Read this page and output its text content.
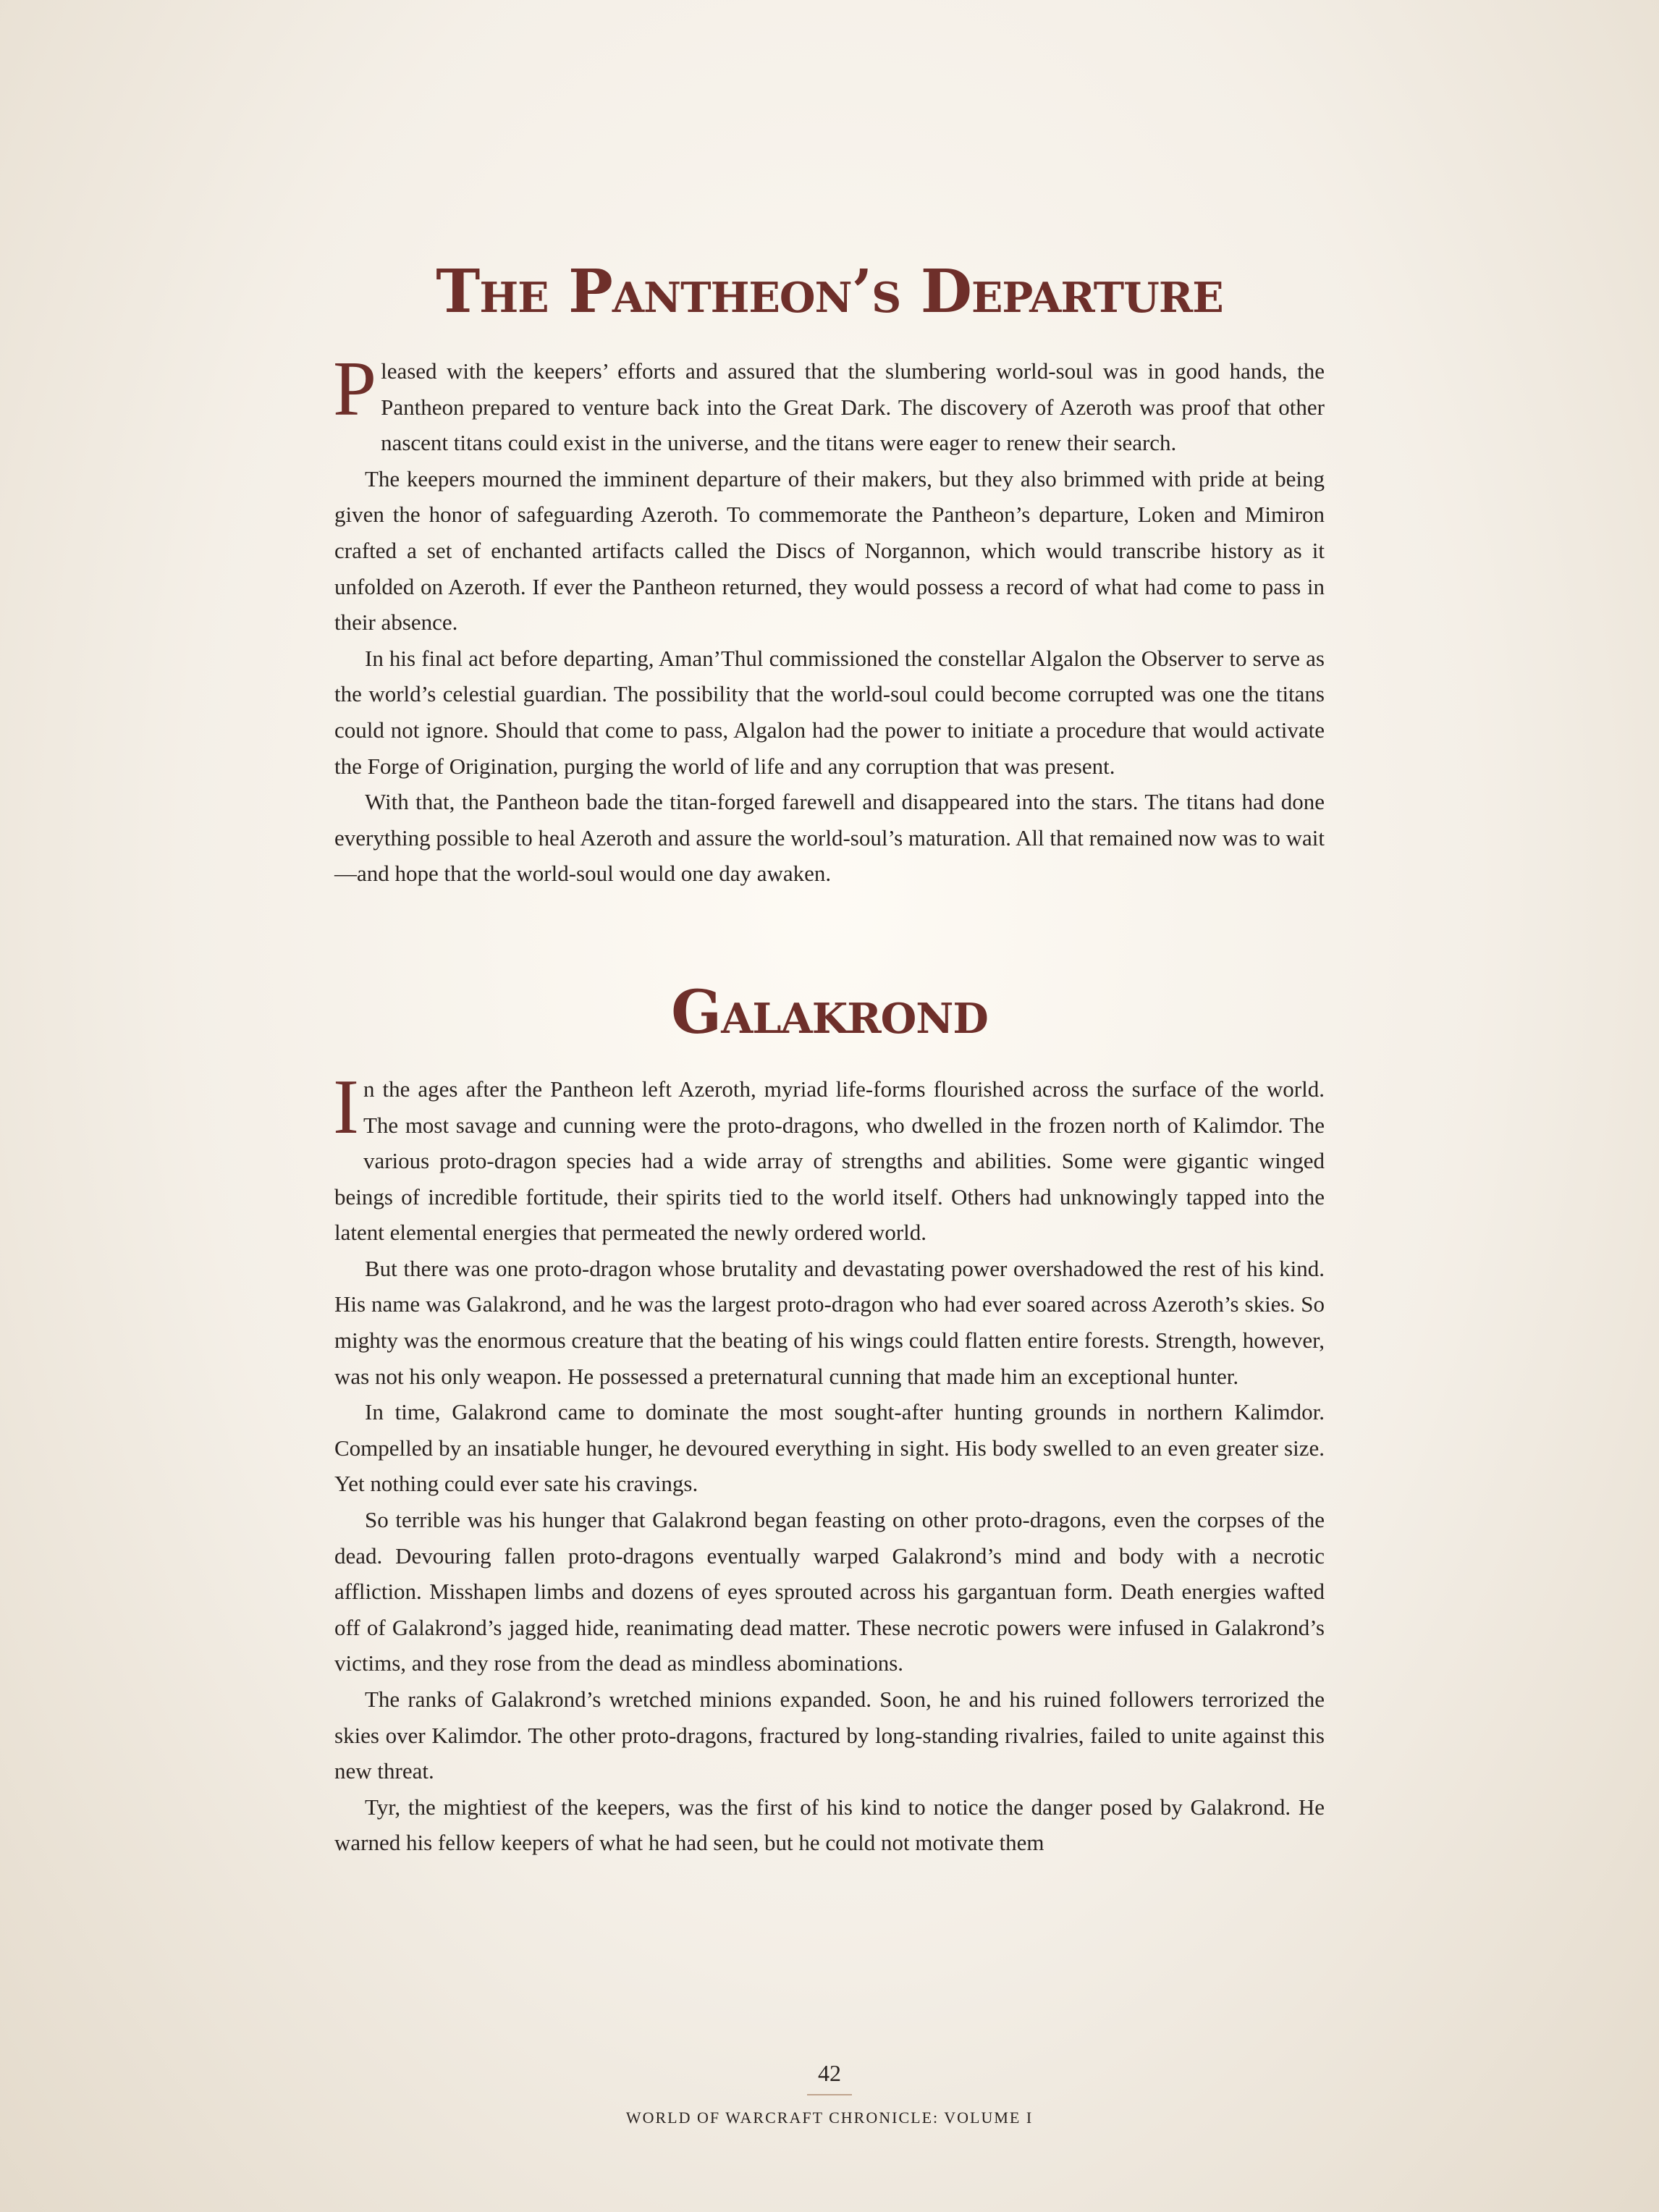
The Pantheon’s Departure

Pleased with the keepers’ efforts and assured that the slumbering world-soul was in good hands, the Pantheon prepared to venture back into the Great Dark. The discovery of Azeroth was proof that other nascent titans could exist in the universe, and the titans were eager to renew their search.

The keepers mourned the imminent departure of their makers, but they also brimmed with pride at being given the honor of safeguarding Azeroth. To commemorate the Pantheon’s departure, Loken and Mimiron crafted a set of enchanted artifacts called the Discs of Norgannon, which would transcribe history as it unfolded on Azeroth. If ever the Pantheon returned, they would possess a record of what had come to pass in their absence.

In his final act before departing, Aman’Thul commissioned the constellar Algalon the Observer to serve as the world’s celestial guardian. The possibility that the world-soul could become corrupted was one the titans could not ignore. Should that come to pass, Algalon had the power to initiate a procedure that would activate the Forge of Origination, purging the world of life and any corruption that was present.

With that, the Pantheon bade the titan-forged farewell and disappeared into the stars. The titans had done everything possible to heal Azeroth and assure the world-soul’s maturation. All that remained now was to wait—and hope that the world-soul would one day awaken.

Galakrond

In the ages after the Pantheon left Azeroth, myriad life-forms flourished across the surface of the world. The most savage and cunning were the proto-dragons, who dwelled in the frozen north of Kalimdor. The various proto-dragon species had a wide array of strengths and abilities. Some were gigantic winged beings of incredible fortitude, their spirits tied to the world itself. Others had unknowingly tapped into the latent elemental energies that permeated the newly ordered world.

But there was one proto-dragon whose brutality and devastating power overshadowed the rest of his kind. His name was Galakrond, and he was the largest proto-dragon who had ever soared across Azeroth’s skies. So mighty was the enormous creature that the beating of his wings could flatten entire forests. Strength, however, was not his only weapon. He possessed a preternatural cunning that made him an exceptional hunter.

In time, Galakrond came to dominate the most sought-after hunting grounds in northern Kalimdor. Compelled by an insatiable hunger, he devoured everything in sight. His body swelled to an even greater size. Yet nothing could ever sate his cravings.

So terrible was his hunger that Galakrond began feasting on other proto-dragons, even the corpses of the dead. Devouring fallen proto-dragons eventually warped Galakrond’s mind and body with a necrotic affliction. Misshapen limbs and dozens of eyes sprouted across his gargantuan form. Death energies wafted off of Galakrond’s jagged hide, reanimating dead matter. These necrotic powers were infused in Galakrond’s victims, and they rose from the dead as mindless abominations.

The ranks of Galakrond’s wretched minions expanded. Soon, he and his ruined followers terrorized the skies over Kalimdor. The other proto-dragons, fractured by long-standing rivalries, failed to unite against this new threat.

Tyr, the mightiest of the keepers, was the first of his kind to notice the danger posed by Galakrond. He warned his fellow keepers of what he had seen, but he could not motivate them

42
WORLD OF WARCRAFT CHRONICLE: VOLUME I
